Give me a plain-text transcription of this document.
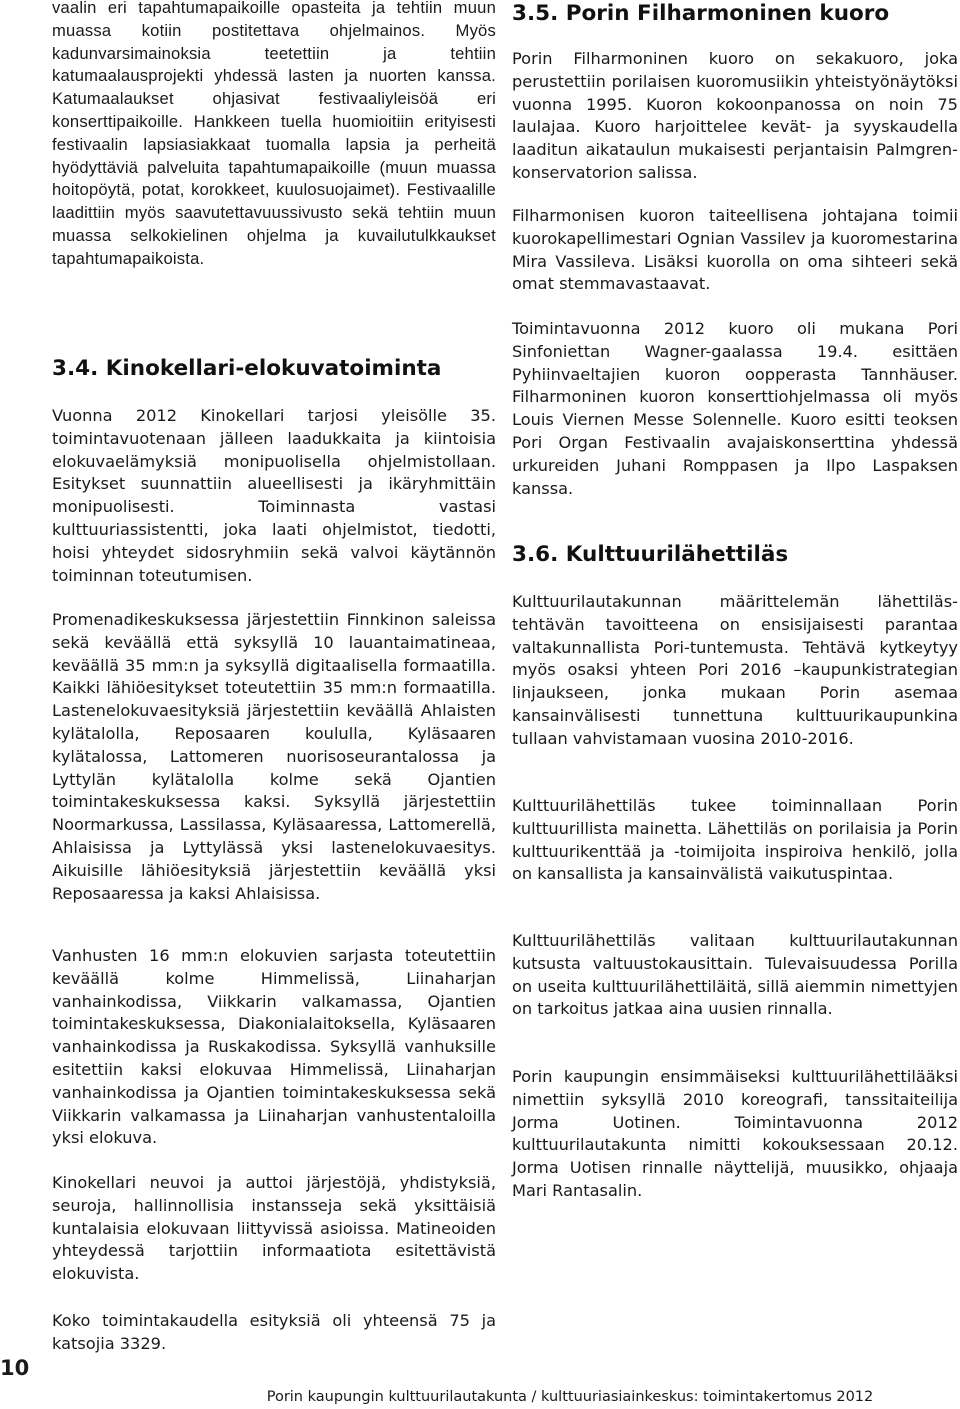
vaalin eri tapahtumapaikoille opasteita ja tehtiin muun muassa kotiin postitettava ohjelmainos. Myös kadunvarsimainoksia teetettiin ja tehtiin katumaalausprojekti yhdessä lasten ja nuorten kanssa. Katumaalaukset ohjasivat festivaaliyleisöä eri konserttipaikoille. Hankkeen tuella huomioitiin erityisesti festivaalin lapsiasiakkaat tuomalla lapsia ja perheitä hyödyttäviä palveluita tapahtumapaikoille (muun muassa hoitopöytä, potat, korokkeet, kuulosuojaimet). Festivaalille laadittiin myös saavutettavuussivusto sekä tehtiin muun muassa selkokielinen ohjelma ja kuvailutulkkaukset tapahtumapaikoista.

3.4. Kinokellari-elokuvatoiminta

Vuonna 2012 Kinokellari tarjosi yleisölle 35. toimintavuotenaan jälleen laadukkaita ja kiintoisia elokuvaelämyksiä monipuolisella ohjelmistollaan. Esitykset suunnattiin alueellisesti ja ikäryhmittäin monipuolisesti. Toiminnasta vastasi kulttuuriassistentti, joka laati ohjelmistot, tiedotti, hoisi yhteydet sidosryhmiin sekä valvoi käytännön toiminnan toteutumisen.

Promenadikeskuksessa järjestettiin Finnkinon saleissa sekä keväällä että syksyllä 10 lauantaimatineaa, keväällä 35 mm:n ja syksyllä digitaalisella formaatilla. Kaikki lähiöesitykset toteutettiin 35 mm:n formaatilla. Lastenelokuvaesityksiä järjestettiin keväällä Ahlaisten kylätalolla, Reposaaren koululla, Kyläsaaren kylätalossa, Lattomeren nuorisoseurantalossa ja Lyttylän kylätalolla kolme sekä Ojantien toimintakeskuksessa kaksi. Syksyllä järjestettiin Noormarkussa, Lassilassa, Kyläsaaressa, Lattomerellä, Ahlaisissa ja Lyttylässä yksi lastenelokuvaesitys. Aikuisille lähiöesityksiä järjestettiin keväällä yksi Reposaaressa ja kaksi Ahlaisissa.

Vanhusten 16 mm:n elokuvien sarjasta toteutettiin keväällä kolme Himmelissä, Liinaharjan vanhainkodissa, Viikkarin valkamassa, Ojantien toimintakeskuksessa, Diakonialaitoksella, Kyläsaaren vanhainkodissa ja Ruskakodissa. Syksyllä vanhuksille esitettiin kaksi elokuvaa Himmelissä, Liinaharjan vanhainkodissa ja Ojantien toimintakeskuksessa sekä Viikkarin valkamassa ja Liinaharjan vanhustentaloilla yksi elokuva.

Kinokellari neuvoi ja auttoi järjestöjä, yhdistyksiä, seuroja, hallinnollisia instansseja sekä yksittäisiä kuntalaisia elokuvaan liittyvissä asioissa. Matineoiden yhteydessä tarjottiin informaatiota esitettävistä elokuvista.

Koko toimintakaudella esityksiä oli yhteensä 75 ja katsojia 3329.

3.5. Porin Filharmoninen kuoro

Porin Filharmoninen kuoro on sekakuoro, joka perustettiin porilaisen kuoromusiikin yhteistyönäytöksi vuonna 1995. Kuoron kokoonpanossa on noin 75 laulajaa. Kuoro harjoittelee kevät- ja syyskaudella laaditun aikataulun mukaisesti perjantaisin Palmgren-konservatorion salissa.

Filharmonisen kuoron taiteellisena johtajana toimii kuorokapellimestari Ognian Vassilev ja kuoromestarina Mira Vassileva. Lisäksi kuorolla on oma sihteeri sekä omat stemmavastaavat.

Toimintavuonna 2012 kuoro oli mukana Pori Sinfoniettan Wagner-gaalassa 19.4. esittäen Pyhiinvaeltajien kuoron oopperasta Tannhäuser. Filharmoninen kuoron konserttiohjelmassa oli myös Louis Viernen Messe Solennelle. Kuoro esitti teoksen Pori Organ Festivaalin avajaiskonserttina yhdessä urkureiden Juhani Romppasen ja Ilpo Laspaksen kanssa.

3.6. Kulttuurilähettiläs

Kulttuurilautakunnan määrittelemän lähettiläs-tehtävän tavoitteena on ensisijaisesti parantaa valtakunnallista Pori-tuntemusta. Tehtävä kytkeytyy myös osaksi yhteen Pori 2016 –kaupunkistrategian linjaukseen, jonka mukaan Porin asemaa kansainvälisesti tunnettuna kulttuurikaupunkina tullaan vahvistamaan vuosina 2010-2016.

Kulttuurilähettiläs tukee toiminnallaan Porin kulttuurillista mainetta. Lähettiläs on porilaisia ja Porin kulttuurikenttää ja -toimijoita inspiroiva henkilö, jolla on kansallista ja kansainvälistä vaikutuspintaa.

Kulttuurilähettiläs valitaan kulttuurilautakunnan kutsusta valtuustokausittain. Tulevaisuudessa Porilla on useita kulttuurilähettiläitä, sillä aiemmin nimettyjen on tarkoitus jatkaa aina uusien rinnalla.

Porin kaupungin ensimmäiseksi kulttuurilähettilääksi nimettiin syksyllä 2010 koreografi, tanssitaiteilija Jorma Uotinen. Toimintavuonna 2012 kulttuurilautakunta nimitti kokouksessaan 20.12. Jorma Uotisen rinnalle näyttelijä, muusikko, ohjaaja Mari Rantasalin.

10
Porin kaupungin kulttuurilautakunta / kulttuuriasiainkeskus: toimintakertomus 2012
